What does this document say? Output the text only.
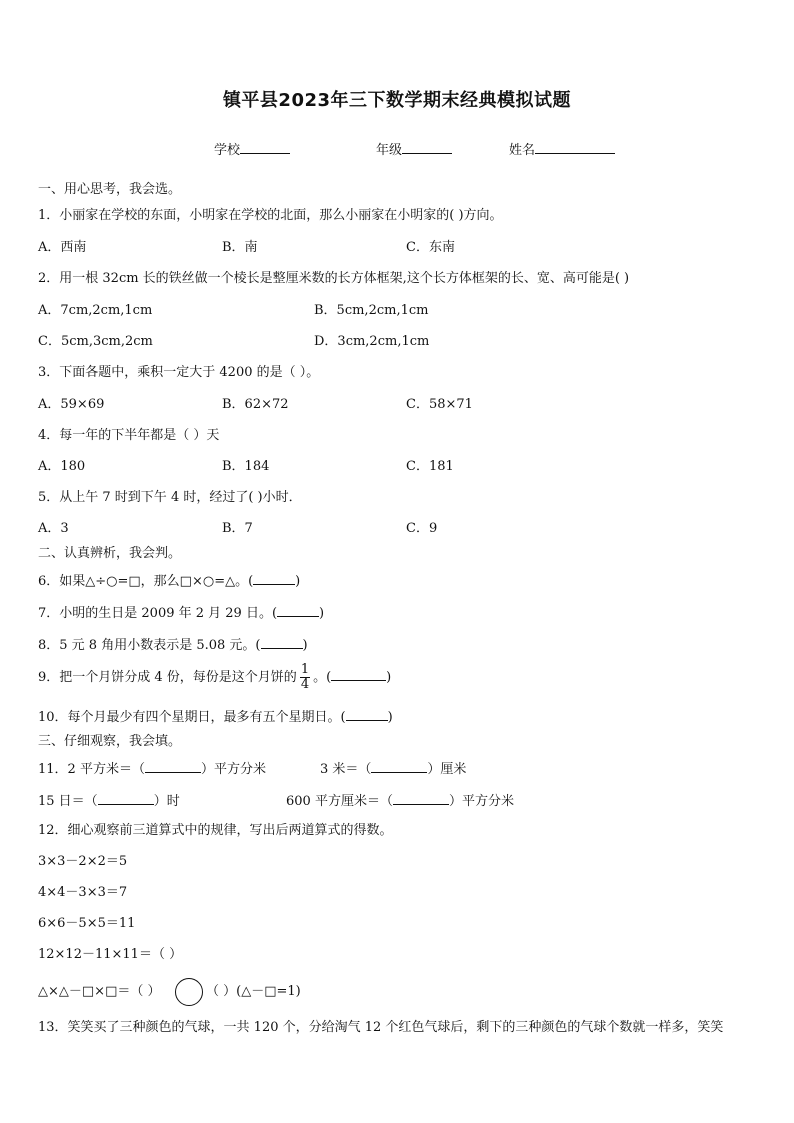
镇平县2023年三下数学期末经典模拟试题
学校	年级	姓名
一、用心思考，我会选。
1．小丽家在学校的东面，小明家在学校的北面，那么小丽家在小明家的( )方向。
A．西南	B．南	C．东南
2．用一根 32cm 长的铁丝做一个棱长是整厘米数的长方体框架,这个长方体框架的长、宽、高可能是( )
A．7cm,2cm,1cm	B．5cm,2cm,1cm
C．5cm,3cm,2cm	D．3cm,2cm,1cm
3．下面各题中，乘积一定大于 4200 的是（ ）。
A．59×69	B．62×72	C．58×71
4．每一年的下半年都是（ ）天
A．180	B．184	C．181
5．从上午 7 时到下午 4 时，经过了( )小时．
A．3	B．7	C．9
二、认真辨析，我会判。
6．如果△÷○=□，那么□×○=△。(	)
7．小明的生日是 2009 年 2 月 29 日。(	)
8．5 元 8 角用小数表示是 5.08 元。(	)
9．把一个月饼分成 4 份，每份是这个月饼的 $\frac{1}{4}$ 。(	)
10．每个月最少有四个星期日，最多有五个星期日。(	)
三、仔细观察，我会填。
11．2 平方米＝（	）平方分米	3 米＝（	）厘米
15 日＝（	）时	600 平方厘米＝（	）平方分米
12．细心观察前三道算式中的规律，写出后两道算式的得数。
3×3－2×2＝5
4×4－3×3＝7
6×6－5×5＝11
12×12－11×11＝（ ）
△×△－□×□＝（ ）	（ ）(△－□=1)
13．笑笑买了三种颜色的气球，一共 120 个，分给淘气 12 个红色气球后，剩下的三种颜色的气球个数就一样多，笑笑
